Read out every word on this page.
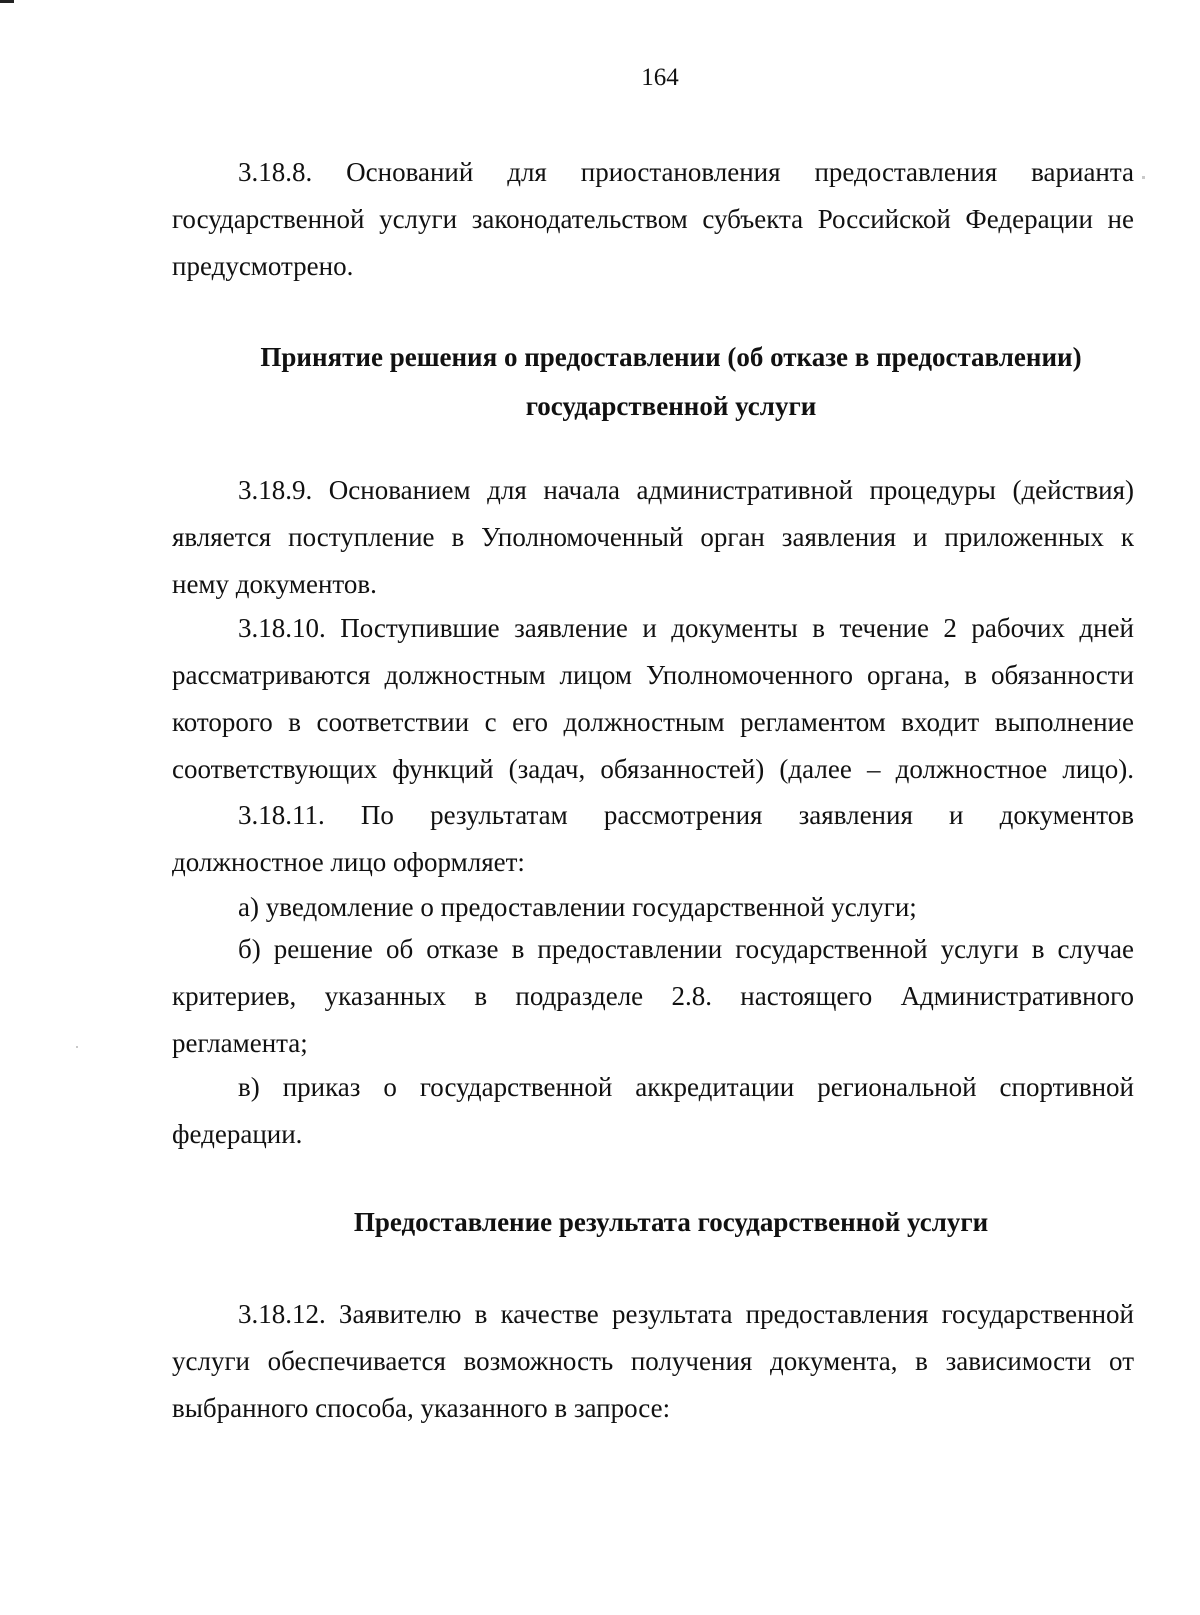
164
3.18.8. Оснований для приостановления предоставления варианта
государственной услуги законодательством субъекта Российской Федерации не
предусмотрено.
Принятие решения о предоставлении (об отказе в предоставлении)
государственной услуги
3.18.9. Основанием для начала административной процедуры (действия)
является поступление в Уполномоченный орган заявления и приложенных к
нему документов.
3.18.10. Поступившие заявление и документы в течение 2 рабочих дней
рассматриваются должностным лицом Уполномоченного органа, в обязанности
которого в соответствии с его должностным регламентом входит выполнение
соответствующих функций (задач, обязанностей) (далее – должностное лицо).
3.18.11. По результатам рассмотрения заявления и документов
должностное лицо оформляет:
а) уведомление о предоставлении государственной услуги;
б) решение об отказе в предоставлении государственной услуги в случае
критериев, указанных в подразделе 2.8. настоящего Административного
регламента;
в) приказ о государственной аккредитации региональной спортивной
федерации.
Предоставление результата государственной услуги
3.18.12. Заявителю в качестве результата предоставления государственной
услуги обеспечивается возможность получения документа, в зависимости от
выбранного способа, указанного в запросе:
